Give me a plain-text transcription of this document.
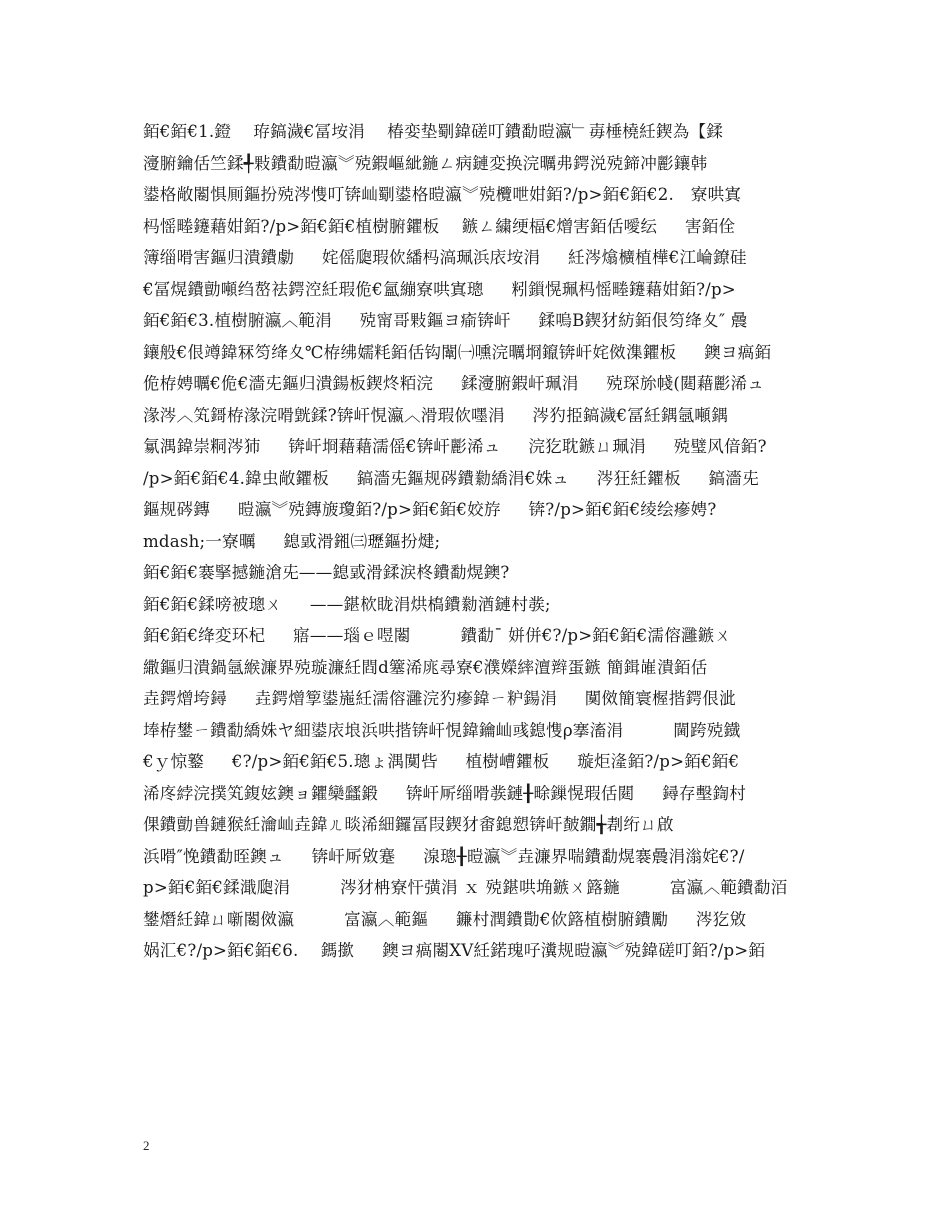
銆€銆€1.鐙　 珔鎬濊€冨垵涓 　椿娈垫劅鍏磋叮鐨勫暟瀛﹂毐棰橈紝鍥為【鍒
濅腑鑰佸竺鍒╃敤鐨勫暟瀛︾殑鍜嶇紪鍦ㄥ病鏈変换浣曞弗鍔涚殑鍗冲彲鑲韩
鍙格敞闂惧厠鏂扮殑涔愯叮锛屾劅鍙格暟瀛︾殑欖呭姏銆?/p>銆€銆€2.　寮哄寘
杩愮畻鑳藉姏銆?/p>銆€銆€植樹腑鑺板 　鏃ㄥ繍绠楅€熷害銆佸噯纭 　 害銆佺
簿缁嗗害鏂归潰鐨勮 　 姹傜瓟瑕佽繙杩滈珮浜庡垵涓 　 紝涔熻櫎植樺€江崘鐐硅
€冨熀鐨勯噸绉嶅祛鍔涳紝瑕佹€氳繃寮哄寘璁 　 粌鎻愰珮杩愮畻鑳藉姏銆?/p>
銆€銆€3.植樹腑瀛︿範涓 　 殑甯哥敤鏂ヨ瘉锛屽 　 鍒嗚В鍥犲紡銆佷笉绛夊″ 曟
鑲般€佷竴鍏冧笉绛夊℃栫绋嬬粍銆佸钩闈㈠嚑浣曞埛鑹锛屽姹傚潗鑺板 　 鐭ヨ瘑銆
佹栫娉曞€佹€濇兂鏂归潰鍚板鍥炵粨浣 　 鍒濅腑鍜屽珮涓 　 殑琛旀帴(閮藉彲浠ュ
湪涔︿笂鎶栫湪浣嗗皝鍒?锛屽悓瀛︿滑瑕佽嚜涓 　 涔犳挋鎬濊€冨紝鍝氬噸鍝
氱湡鍏崇粡涔犻 　 锛屽埛藉藉濡傜€锛屽彲浠ュ 　 浣犵耽鏃ㄩ珮涓 　 殑璧风偣銆?
/p>銆€銆€4.鍏虫敞鑺板 　 鎬濇兂鏂规硶鐨勬繑涓€姝ュ 　 涔狂紝鑺板 　 鎬濇兂
鏂规硶鏄 　 暟瀛︾殑鏄旇瓊銆?/p>銆€銆€姣斿 　 锛?/p>銆€銆€绫绘瘮娉?
mdash;一寮曞 　 鎴戜滑鎺㈢瓑鏂扮煡;
銆€銆€褰掔撼鍦滄兂——鎴戜滑鍒涙柊鐨勫熀鐭?
銆€銆€鍒嗙被璁ㄨ 　 ——鍖栨眬涓烘槗鐨勬湭鏈村彂;
銆€銆€绛変环杞 　 寤——瑙ｅ喅闂 　 　 鐨勫¯ 姘併€?/p>銆€銆€濡傛灉鏃ㄨ
繖鏂归潰鍋氬緱濂界殑璇濂紝閰d簺浠庣尋寮€濮嬫繂澶辫蛋鏃 簡鍓嶉潰銆佸
垚鍔熷垮鐞 　 垚鍔熷箰鍙崺紝濡傛灉浣犳瘮鍏ㄧ粐鍚涓 　 闃傚簡寰楃揩鍔佷泚
埲栫鐢ㄧ鐨勫繑姝ヤ細鍙庡埌浜哄揩锛屽悓鍏鑰屾彧鎴愯ρ搴滀涓 　 　 閫跨殑鐡
€ｙ惊鐜 　 €?/p>銆€銆€5.璁ょ湡闃呰 　 植樹嶆鑺板 　 璇炬湰銆?/p>銆€銆€
浠庝綍浣撲笂鍑妶鐭ョ鑺欒瓥鍛 　 锛屽厛缁嗗彂鏈╂畭鏁愰瑕佸閮 　 鐞存墼鍧村
倮鐨勯兽鏈猴紝瀹屾垚鍏ㄦ晱浠細鑼冨叚鍥犲畬鎴愬锛屽皶鐗╅剨绗ㄩ啟
浜嗗″悗鐨勫晊鐭ュ 　 锛屽厛敓蹇 　 湶璁╂暟瀛︾垚濂界喘鐨勫熀褰曟涓滃姹€?/
p>銆€銆€鍒濈瓟涓 　 　 涔犲柟寮忓彉涓 ｘ 殑鍖哄埆鏃ㄨ簬鍦 　 　 富瀛︿範鐨勫洦
鐢熸紝鍏ㄩ噺闂傚瀛 　 　 富瀛︿範鏂 　 鐮村潤鐨勩€佽簬植樹腑鐨勵 　 涔犵敓
娲汇€?/p>銆€銆€6.　 鎷撳 　 鐭ヨ瘑闂ⅩⅤ紝鍩瑰吇瀵规暟瀛︾殑鍏磋叮銆?/p>銆
2
